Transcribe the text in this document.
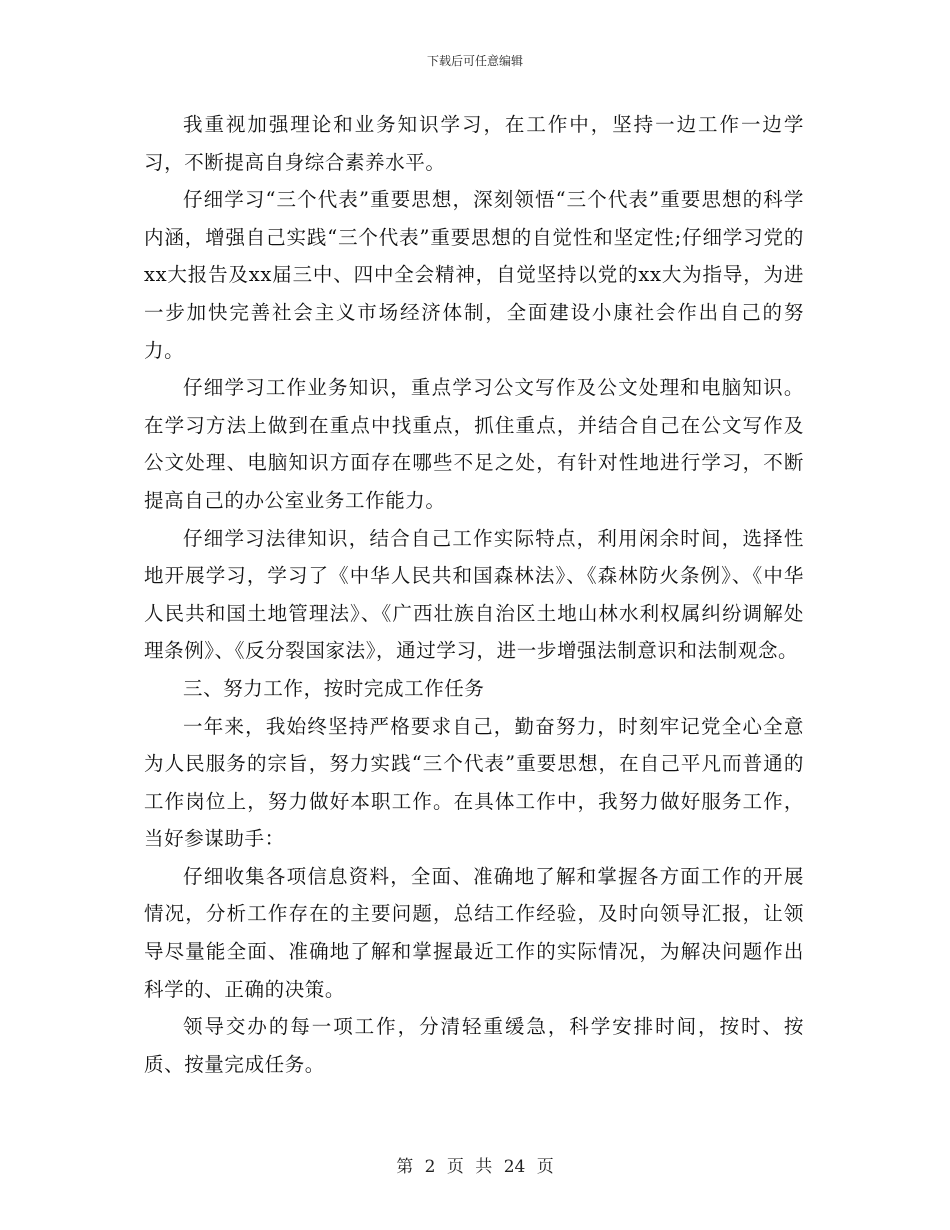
下载后可任意编辑

我重视加强理论和业务知识学习，在工作中，坚持一边工作一边学习，不断提高自身综合素养水平。

仔细学习“三个代表”重要思想，深刻领悟“三个代表”重要思想的科学内涵，增强自己实践“三个代表”重要思想的自觉性和坚定性;仔细学习党的xx大报告及xx届三中、四中全会精神，自觉坚持以党的xx大为指导，为进一步加快完善社会主义市场经济体制，全面建设小康社会作出自己的努力。

仔细学习工作业务知识，重点学习公文写作及公文处理和电脑知识。在学习方法上做到在重点中找重点，抓住重点，并结合自己在公文写作及公文处理、电脑知识方面存在哪些不足之处，有针对性地进行学习，不断提高自己的办公室业务工作能力。

仔细学习法律知识，结合自己工作实际特点，利用闲余时间，选择性地开展学习，学习了《中华人民共和国森林法》、《森林防火条例》、《中华人民共和国土地管理法》、《广西壮族自治区土地山林水利权属纠纷调解处理条例》、《反分裂国家法》，通过学习，进一步增强法制意识和法制观念。

三、努力工作，按时完成工作任务

一年来，我始终坚持严格要求自己，勤奋努力，时刻牢记党全心全意为人民服务的宗旨，努力实践“三个代表”重要思想，在自己平凡而普通的工作岗位上，努力做好本职工作。在具体工作中，我努力做好服务工作，当好参谋助手：

仔细收集各项信息资料，全面、准确地了解和掌握各方面工作的开展情况，分析工作存在的主要问题，总结工作经验，及时向领导汇报，让领导尽量能全面、准确地了解和掌握最近工作的实际情况，为解决问题作出科学的、正确的决策。

领导交办的每一项工作，分清轻重缓急，科学安排时间，按时、按质、按量完成任务。

第 2 页 共 24 页
